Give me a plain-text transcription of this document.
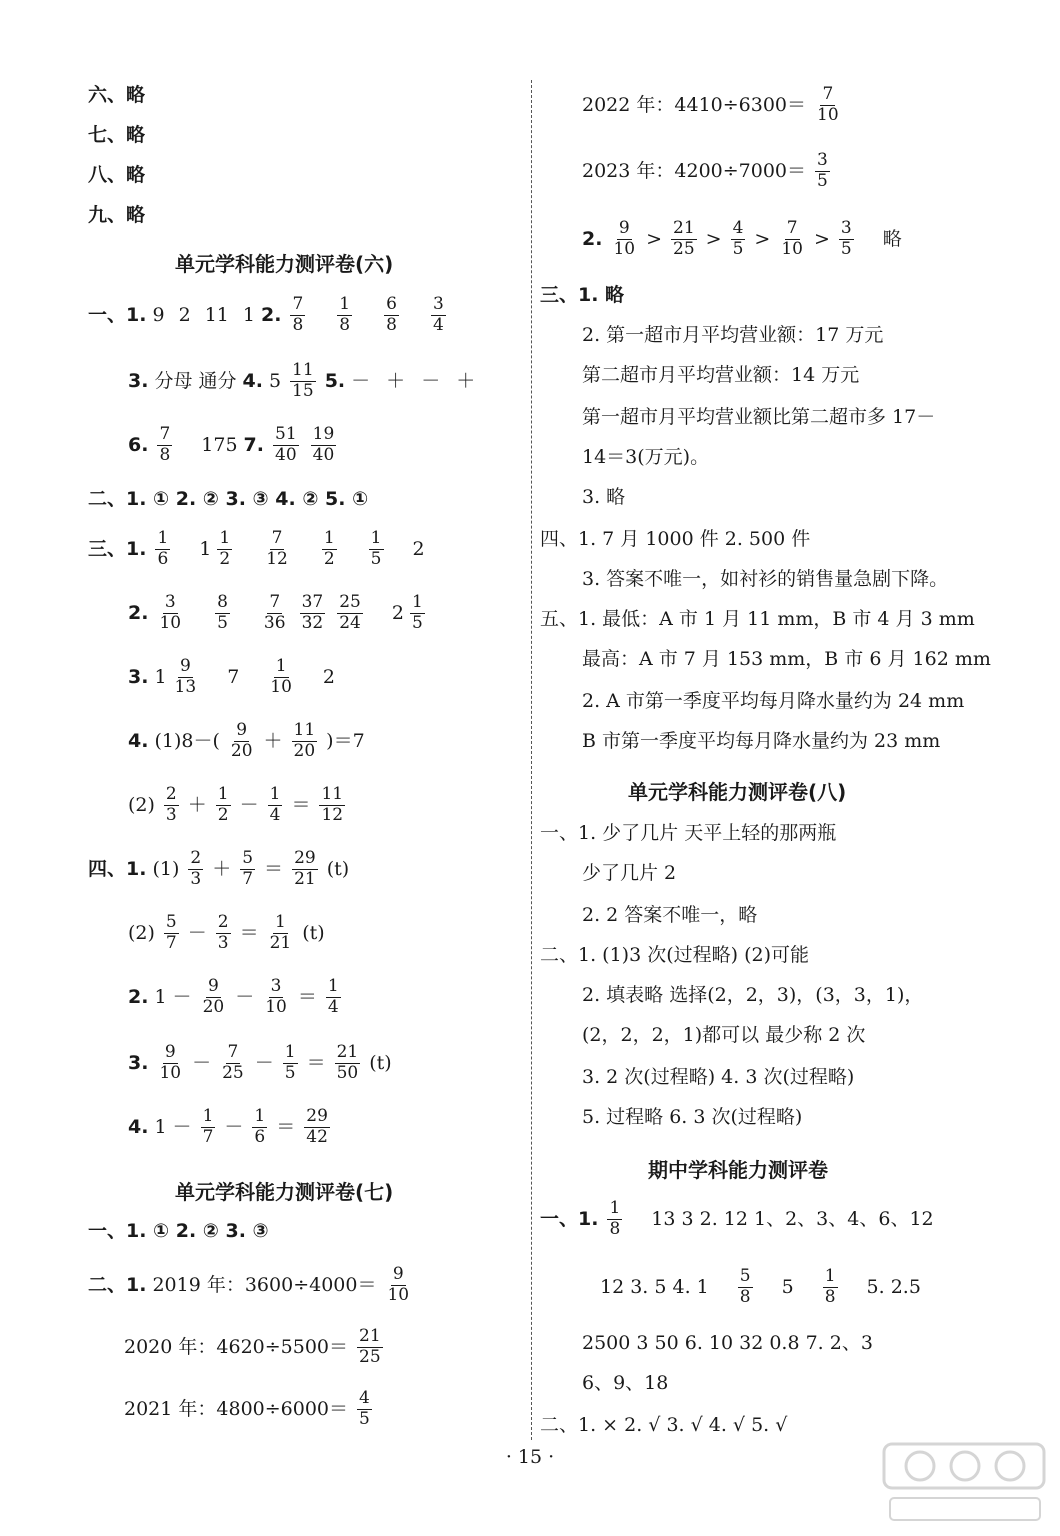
六、略
七、略
八、略
九、略
单元学科能力测评卷(六)
一、1. 9 2 11 1 2. $\frac{7}{8} \frac{1}{8} \frac{6}{8} \frac{3}{4}$
3. 分母 通分 4. $5 \frac{11}{15} 5$. － ＋ － ＋
6. $\frac{7}{8} 175$ 7. $\frac{51}{40} \frac{19}{40}$
二、1. ① 2. ② 3. ③ 4. ② 5. ①
三、1. $\frac{1}{6} 1 \frac{1}{2} \frac{7}{12} \frac{1}{2} \frac{1}{5} 2$
2. $\frac{3}{10} \frac{8}{5} \frac{7}{36} \frac{37}{32} \frac{25}{24} 2 \frac{1}{5}$
3. $1 \frac{9}{13} 7 \frac{1}{10} 2$
4. $(1)8-( \frac{9}{20} + \frac{11}{20} )=7$
$(2) \frac{2}{3} + \frac{1}{2} - \frac{1}{4} = \frac{11}{12}$
四、1. $(1) \frac{2}{3} + \frac{5}{7} = \frac{29}{21} (t)$
$(2) \frac{5}{7} - \frac{2}{3} = \frac{1}{21} (t)$
2. $1 - \frac{9}{20} - \frac{3}{10} = \frac{1}{4}$
3. $\frac{9}{10} - \frac{7}{25} - \frac{1}{5} = \frac{21}{50} (t)$
4. $1 - \frac{1}{7} - \frac{1}{6} = \frac{29}{42}$
单元学科能力测评卷(七)
一、1. ① 2. ② 3. ③
二、1. 2019 年：$3600\div 4000= \frac{9}{10}$
2020 年：$4620\div 5500= \frac{21}{25}$
2021 年：$4800\div 6000= \frac{4}{5}$
2022 年：$4410\div 6300= \frac{7}{10}$
2023 年：$4200\div 7000= \frac{3}{5}$
2. $\frac{9}{10} > \frac{21}{25} > \frac{4}{5} > \frac{7}{10} > \frac{3}{5}$ 略
三、1. 略
2. 第一超市月平均营业额：17 万元
第二超市月平均营业额：14 万元
第一超市月平均营业额比第二超市多 17－
14＝3(万元)。
3. 略
四、1. 7 月 1000 件 2. 500 件
3. 答案不唯一，如衬衫的销售量急剧下降。
五、1. 最低：A 市 1 月 11 mm，B 市 4 月 3 mm
最高：A 市 7 月 153 mm，B 市 6 月 162 mm
2. A 市第一季度平均每月降水量约为 24 mm
B 市第一季度平均每月降水量约为 23 mm
单元学科能力测评卷(八)
一、1. 少了几片 天平上轻的那两瓶
少了几片 2
2. 2 答案不唯一，略
二、1. (1)3 次(过程略) (2)可能
2. 填表略 选择(2，2，3)，(3，3，1)，
(2，2，2，1)都可以 最少称 2 次
3. 2 次(过程略) 4. 3 次(过程略)
5. 过程略 6. 3 次(过程略)
期中学科能力测评卷
一、1. $\frac{1}{8} 13$ 3 2. 12 1、2、3、4、6、12
12 3. 5 4. $1 \frac{5}{8} 5 \frac{1}{8} 5$. 2.5
2500 3 50 6. 10 32 0.8 7. 2、3
6、9、18
二、1. × 2. √ 3. √ 4. √ 5. √
· 15 ·
